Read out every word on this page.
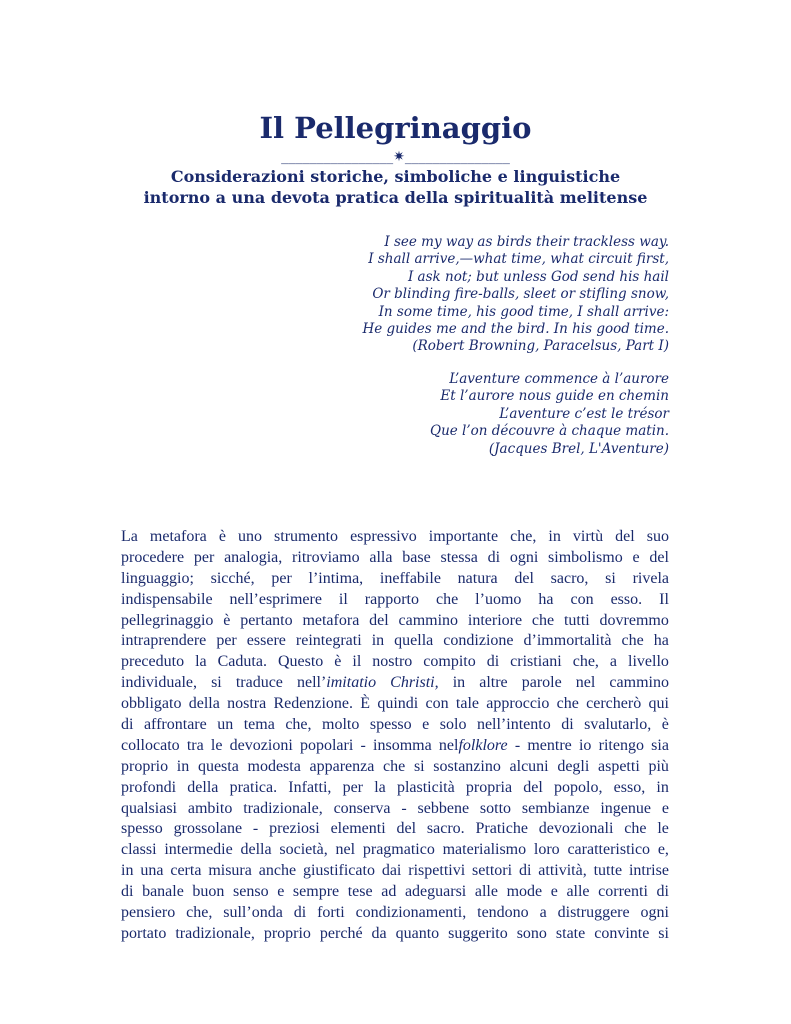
Il Pellegrinaggio
________________✷_______________
Considerazioni storiche, simboliche e linguistiche
intorno a una devota pratica della spiritualità melitense
I see my way as birds their trackless way.
I shall arrive,—what time, what circuit first,
I ask not; but unless God send his hail
Or blinding fire-balls, sleet or stifling snow,
In some time, his good time, I shall arrive:
He guides me and the bird. In his good time.
(Robert Browning, Paracelsus, Part I)
L’aventure commence à l’aurore
Et l’aurore nous guide en chemin
L’aventure c’est le trésor
Que l’on découvre à chaque matin.
(Jacques Brel, L'Aventure)
La metafora è uno strumento espressivo importante che, in virtù del suo
procedere per analogia, ritroviamo alla base stessa di ogni simbolismo e del
linguaggio; sicché, per l’intima, ineffabile natura del sacro, si rivela
indispensabile nell’esprimere il rapporto che l’uomo ha con esso. Il
pellegrinaggio è pertanto metafora del cammino interiore che tutti dovremmo
intraprendere per essere reintegrati in quella condizione d’immortalità che ha
preceduto la Caduta. Questo è il nostro compito di cristiani che, a livello
individuale, si traduce nell’imitatio Christi, in altre parole nel cammino
obbligato della nostra Redenzione. È quindi con tale approccio che cercherò qui
di affrontare un tema che, molto spesso e solo nell’intento di svalutarlo, è
collocato tra le devozioni popolari - insomma nelfolklore - mentre io ritengo sia
proprio in questa modesta apparenza che si sostanzino alcuni degli aspetti più
profondi della pratica. Infatti, per la plasticità propria del popolo, esso, in
qualsiasi ambito tradizionale, conserva - sebbene sotto sembianze ingenue e
spesso grossolane - preziosi elementi del sacro. Pratiche devozionali che le
classi intermedie della società, nel pragmatico materialismo loro caratteristico e,
in una certa misura anche giustificato dai rispettivi settori di attività, tutte intrise
di banale buon senso e sempre tese ad adeguarsi alle mode e alle correnti di
pensiero che, sull’onda di forti condizionamenti, tendono a distruggere ogni
portato tradizionale, proprio perché da quanto suggerito sono state convinte si
